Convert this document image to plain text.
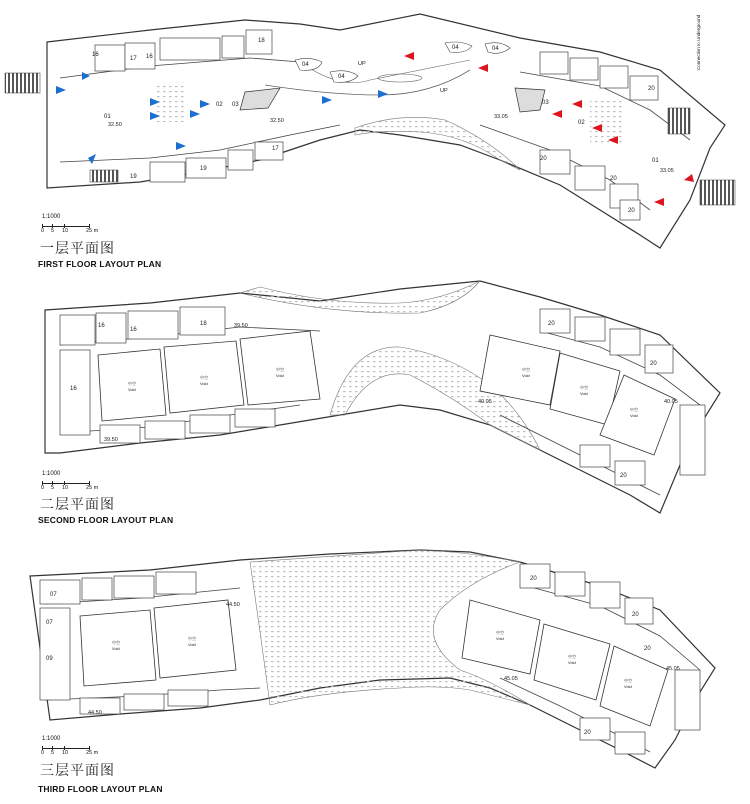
17 16
16
18
01
02 03
04
04
04	04
03
02
01
19
19
17
20
20
20
20
32.50
32.50
33.05
33.05
UP
UP
Connection to Underground
1:1000
0 5 10	25 m
一层平面图
FIRST FLOOR LAYOUT PLAN
16
16	18
16
20
20
20
39.50
39.50
40.05	40.05
中空
Void
中空
Void
中空
Void
中空
Void
中空
Void
中空
Void
1:1000
0 5 10	25 m
二层平面图
SECOND FLOOR LAYOUT PLAN
07
07
09
20
20
20
20
44.50
44.50
45.05
45.05
中空
Void
中空
Void
中空
Void
中空
Void
中空
Void
1:1000
0 5 10	25 m
三层平面图
THIRD FLOOR LAYOUT PLAN
